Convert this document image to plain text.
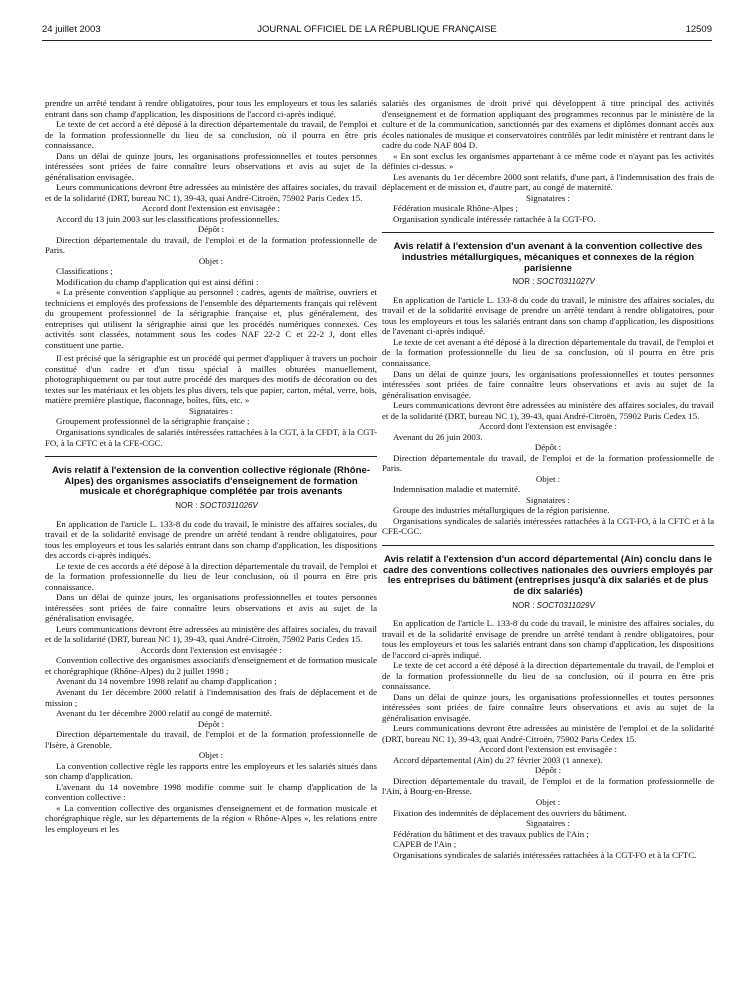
24 juillet 2003	JOURNAL OFFICIEL DE LA RÉPUBLIQUE FRANÇAISE	12509

prendre un arrêté tendant à rendre obligatoires, pour tous les employeurs et tous les salariés entrant dans son champ d'application, les dispositions de l'accord ci-après indiqué.

Le texte de cet accord a été déposé à la direction départementale du travail, de l'emploi et de la formation professionnelle du lieu de sa conclusion, où il pourra en être pris connaissance.

Dans un délai de quinze jours, les organisations professionnelles et toutes personnes intéressées sont priées de faire connaître leurs observations et avis au sujet de la généralisation envisagée.

Leurs communications devront être adressées au ministère des affaires sociales, du travail et de la solidarité (DRT, bureau NC 1), 39-43, quai André-Citroën, 75902 Paris Cedex 15.

Accord dont l'extension est envisagée :

Accord du 13 juin 2003 sur les classifications professionnelles.

Dépôt :

Direction départementale du travail, de l'emploi et de la formation professionnelle de Paris.

Objet :

Classifications ;

Modification du champ d'application qui est ainsi défini :

« La présente convention s'applique au personnel : cadres, agents de maîtrise, ouvriers et techniciens et employés des professions de l'ensemble des départements français qui relèvent du groupement professionnel de la sérigraphie française et, plus généralement, des entreprises qui utilisent la sérigraphie ainsi que les procédés numériques connexes. Ces activités sont classées, notamment sous les codes NAF 22-2 C et 22-2 J, dont elles constituent une partie.

Il est précisé que la sérigraphie est un procédé qui permet d'appliquer à travers un pochoir constitué d'un cadre et d'un tissu spécial à mailles obturées manuellement, photographiquement ou par tout autre procédé des marques des motifs de décoration ou des textes sur les matériaux et les objets les plus divers, tels que papier, carton, métal, verre, bois, matière première plastique, flaconnage, boîtes, fûts, etc. »

Signataires :

Groupement professionnel de la sérigraphie française ;

Organisations syndicales de salariés intéressées rattachées à la CGT, à la CFDT, à la CGT-FO, à la CFTC et à la CFE-CGC.

Avis relatif à l'extension de la convention collective régionale (Rhône-Alpes) des organismes associatifs d'enseignement de formation musicale et chorégraphique complétée par trois avenants

NOR : SOCT0311026V

En application de l'article L. 133-8 du code du travail, le ministre des affaires sociales, du travail et de la solidarité envisage de prendre un arrêté tendant à rendre obligatoires, pour tous les employeurs et tous les salariés entrant dans son champ d'application, les dispositions des accords ci-après indiqués.

Le texte de ces accords a été déposé à la direction départementale du travail, de l'emploi et de la formation professionnelle du lieu de leur conclusion, où il pourra en être pris connaissance.

Dans un délai de quinze jours, les organisations professionnelles et toutes personnes intéressées sont priées de faire connaître leurs observations et avis au sujet de la généralisation envisagée.

Leurs communications devront être adressées au ministère des affaires sociales, du travail et de la solidarité (DRT, bureau NC 1), 39-43, quai André-Citroën, 75902 Paris Cedex 15.

Accords dont l'extension est envisagée :

Convention collective des organismes associatifs d'enseignement et de formation musicale et chorégraphique (Rhône-Alpes) du 2 juillet 1998 ;

Avenant du 14 novembre 1998 relatif au champ d'application ;

Avenant du 1er décembre 2000 relatif à l'indemnisation des frais de déplacement et de mission ;

Avenant du 1er décembre 2000 relatif au congé de maternité.

Dépôt :

Direction départementale du travail, de l'emploi et de la formation professionnelle de l'Isère, à Grenoble.

Objet :

La convention collective règle les rapports entre les employeurs et les salariés situés dans son champ d'application.

L'avenant du 14 novembre 1998 modifie comme suit le champ d'application de la convention collective :

« La convention collective des organismes d'enseignement et de formation musicale et chorégraphique règle, sur les départements de la région « Rhône-Alpes », les relations entre les employeurs et les

salariés des organismes de droit privé qui développent à titre principal des activités d'enseignement et de formation appliquant des programmes reconnus par le ministère de la culture et de la communication, sanctionnés par des examens et diplômes donnant accès aux écoles nationales de musique et conservatoires contrôlés par ledit ministère et rentrant dans le cadre du code NAF 804 D.

« En sont exclus les organismes appartenant à ce même code et n'ayant pas les activités définies ci-dessus. »

Les avenants du 1er décembre 2000 sont relatifs, d'une part, à l'indemnisation des frais de déplacement et de mission et, d'autre part, au congé de maternité.

Signataires :

Fédération musicale Rhône-Alpes ;

Organisation syndicale intéressée rattachée à la CGT-FO.

Avis relatif à l'extension d'un avenant à la convention collective des industries métallurgiques, mécaniques et connexes de la région parisienne

NOR : SOCT0311027V

En application de l'article L. 133-8 du code du travail, le ministre des affaires sociales, du travail et de la solidarité envisage de prendre un arrêté tendant à rendre obligatoires, pour tous les employeurs et tous les salariés entrant dans son champ d'application, les dispositions de l'avenant ci-après indiqué.

Le texte de cet avenant a été déposé à la direction départementale du travail, de l'emploi et de la formation professionnelle du lieu de sa conclusion, où il pourra en être pris connaissance.

Dans un délai de quinze jours, les organisations professionnelles et toutes personnes intéressées sont priées de faire connaître leurs observations et avis au sujet de la généralisation envisagée.

Leurs communications devront être adressées au ministère des affaires sociales, du travail et de la solidarité (DRT, bureau NC 1), 39-43, quai André-Citroën, 75902 Paris Cedex 15.

Accord dont l'extension est envisagée :

Avenant du 26 juin 2003.

Dépôt :

Direction départementale du travail, de l'emploi et de la formation professionnelle de Paris.

Objet :

Indemnisation maladie et maternité.

Signataires :

Groupe des industries métallurgiques de la région parisienne.

Organisations syndicales de salariés intéressées rattachées à la CGT-FO, à la CFTC et à la CFE-CGC.

Avis relatif à l'extension d'un accord départemental (Ain) conclu dans le cadre des conventions collectives nationales des ouvriers employés par les entreprises du bâtiment (entreprises jusqu'à dix salariés et de plus de dix salariés)

NOR : SOCT0311029V

En application de l'article L. 133-8 du code du travail, le ministre des affaires sociales, du travail et de la solidarité envisage de prendre un arrêté tendant à rendre obligatoires, pour tous les employeurs et tous les salariés entrant dans son champ d'application, les dispositions de l'accord ci-après indiqué.

Le texte de cet accord a été déposé à la direction départementale du travail, de l'emploi et de la formation professionnelle du lieu de sa conclusion, où il pourra en être pris connaissance.

Dans un délai de quinze jours, les organisations professionnelles et toutes personnes intéressées sont priées de faire connaître leurs observations et avis au sujet de la généralisation envisagée.

Leurs communications devront être adressées au ministère de l'emploi et de la solidarité (DRT, bureau NC 1), 39-43, quai André-Citroën, 75902 Paris Cedex 15.

Accord dont l'extension est envisagée :

Accord départemental (Ain) du 27 février 2003 (1 annexe).

Dépôt :

Direction départementale du travail, de l'emploi et de la formation professionnelle de l'Ain, à Bourg-en-Bresse.

Objet :

Fixation des indemnités de déplacement des ouvriers du bâtiment.

Signataires :

Fédération du bâtiment et des travaux publics de l'Ain ;

CAPEB de l'Ain ;

Organisations syndicales de salariés intéressées rattachées à la CGT-FO et à la CFTC.
